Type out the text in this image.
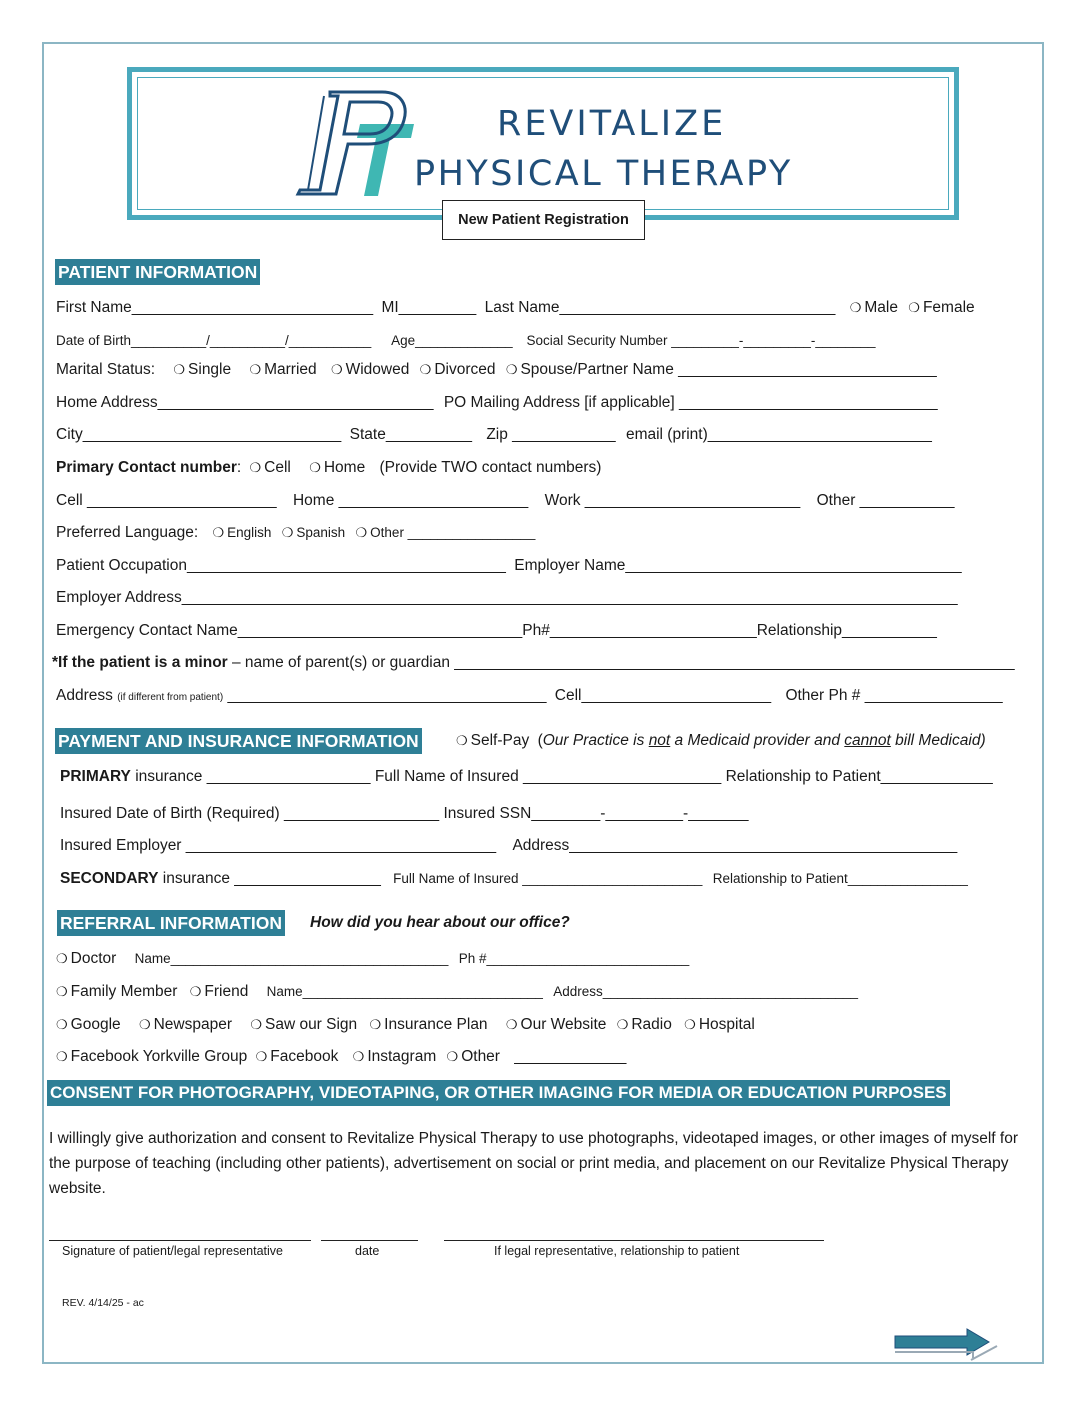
REVITALIZE
PHYSICAL THERAPY
New Patient Registration
PATIENT INFORMATION
First Name____________________________ MI_________ Last Name________________________________ ❍ Male ❍ Female
Date of Birth__________/__________/___________ Age_____________ Social Security Number _________-_________-________
Marital Status: ❍ Single ❍ Married ❍ Widowed ❍ Divorced ❍ Spouse/Partner Name ______________________________
Home Address________________________________ PO Mailing Address [if applicable] ______________________________
City______________________________ State__________ Zip ____________ email (print)__________________________
Primary Contact number: ❍ Cell ❍ Home (Provide TWO contact numbers)
Cell ______________________ Home ______________________ Work _________________________ Other ___________
Preferred Language: ❍ English ❍ Spanish ❍ Other _________________
Patient Occupation_____________________________________ Employer Name_______________________________________
Employer Address__________________________________________________________________________________________
Emergency Contact Name_________________________________Ph#________________________Relationship___________
*If the patient is a minor – name of parent(s) or guardian _________________________________________________________________
Address (if different from patient) _____________________________________ Cell______________________ Other Ph # ________________
PAYMENT AND INSURANCE INFORMATION	❍ Self-Pay (Our Practice is not a Medicaid provider and cannot bill Medicaid)
PRIMARY insurance ___________________ Full Name of Insured _______________________ Relationship to Patient_____________
Insured Date of Birth (Required) __________________ Insured SSN________-_________-_______
Insured Employer ____________________________________ Address_____________________________________________
SECONDARY insurance _________________ Full Name of Insured ________________________ Relationship to Patient________________
REFERRAL INFORMATION How did you hear about our office?
❍ Doctor Name_____________________________________ Ph #___________________________
❍ Family Member ❍ Friend Name________________________________ Address__________________________________
❍ Google ❍ Newspaper ❍ Saw our Sign ❍ Insurance Plan ❍ Our Website ❍ Radio ❍ Hospital
❍ Facebook Yorkville Group ❍ Facebook ❍ Instagram ❍ Other _____________
CONSENT FOR PHOTOGRAPHY, VIDEOTAPING, OR OTHER IMAGING FOR MEDIA OR EDUCATION PURPOSES
I willingly give authorization and consent to Revitalize Physical Therapy to use photographs, videotaped images, or other images of myself for the purpose of teaching (including other patients), advertisement on social or print media, and placement on our Revitalize Physical Therapy website.
Signature of patient/legal representative	date	If legal representative, relationship to patient
REV. 4/14/25 - ac
